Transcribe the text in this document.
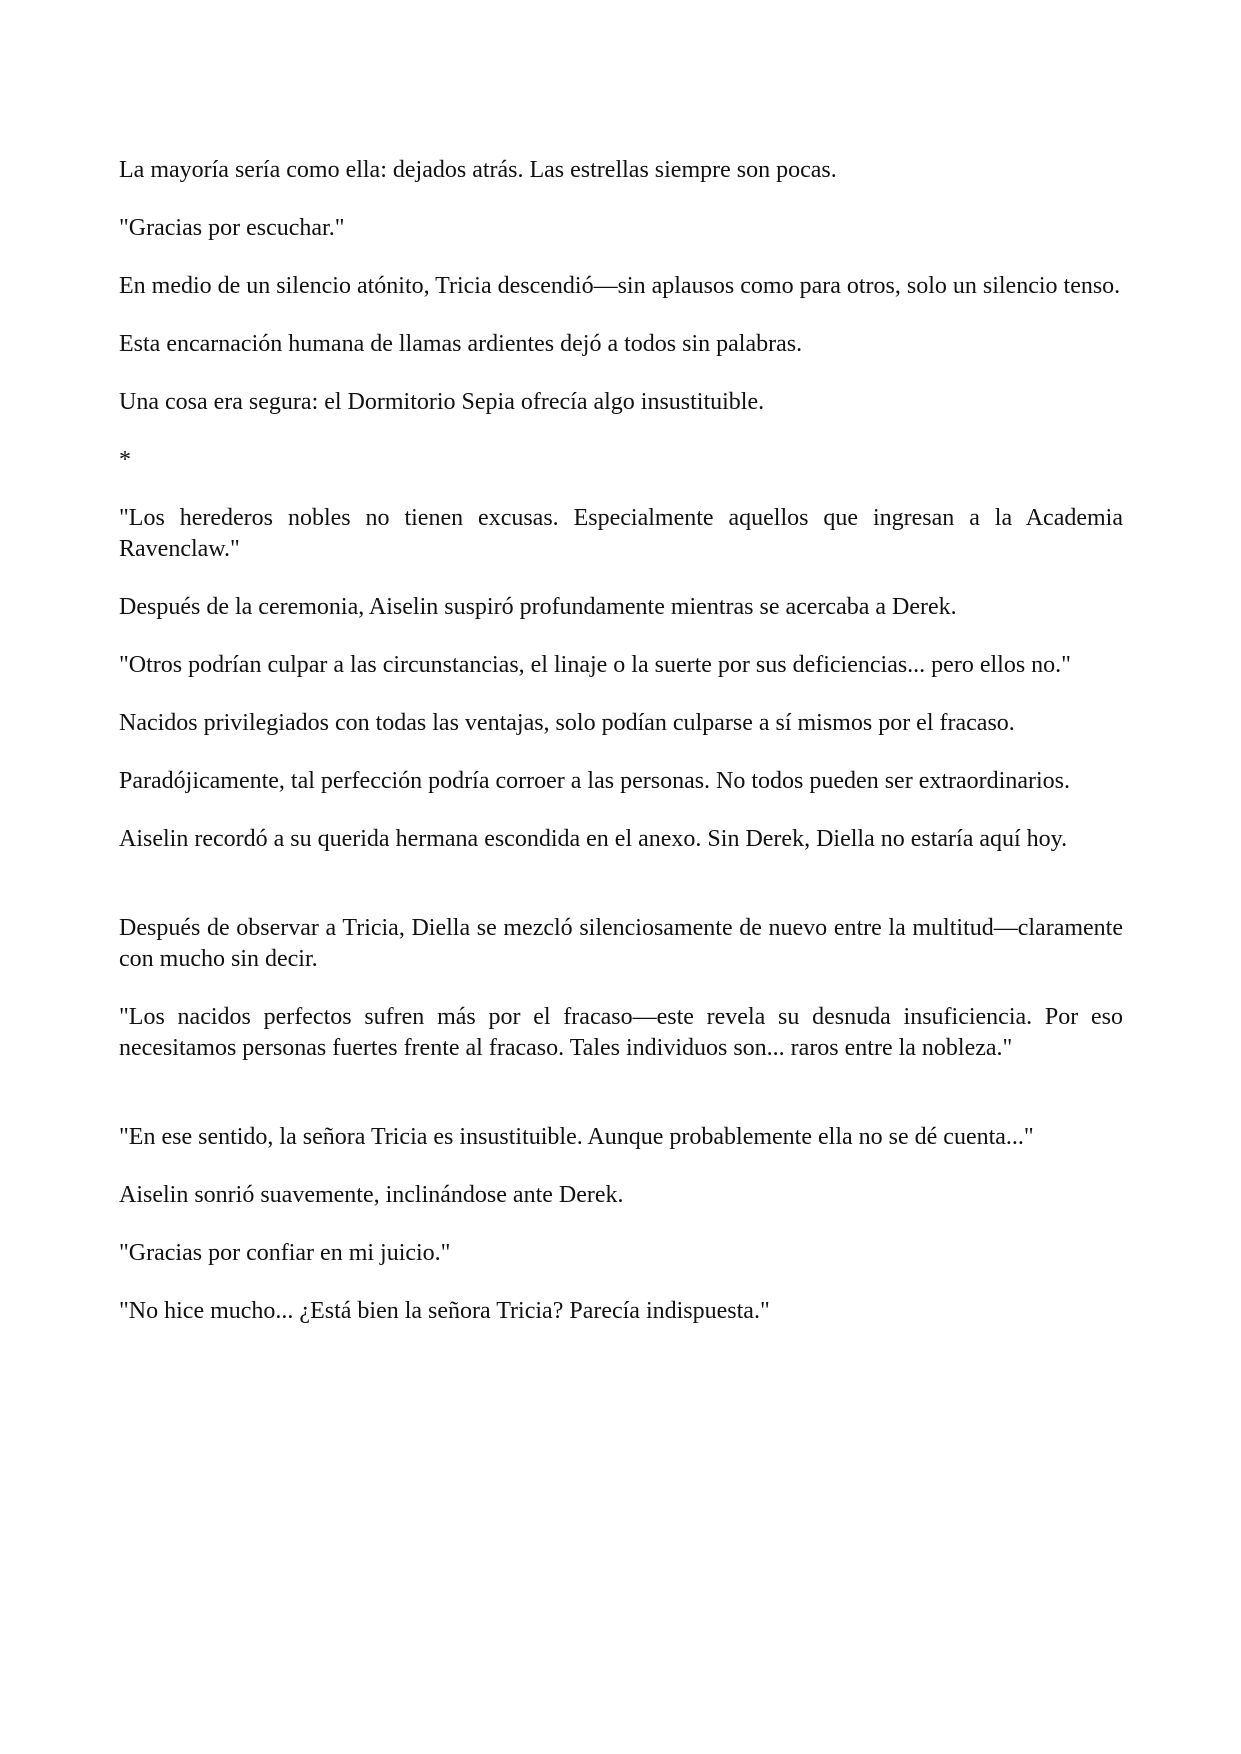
La mayoría sería como ella: dejados atrás. Las estrellas siempre son pocas.

"Gracias por escuchar."

En medio de un silencio atónito, Tricia descendió—sin aplausos como para otros, solo un silencio tenso.

Esta encarnación humana de llamas ardientes dejó a todos sin palabras.

Una cosa era segura: el Dormitorio Sepia ofrecía algo insustituible.

*

"Los herederos nobles no tienen excusas. Especialmente aquellos que ingresan a la Academia Ravenclaw."

Después de la ceremonia, Aiselin suspiró profundamente mientras se acercaba a Derek.

"Otros podrían culpar a las circunstancias, el linaje o la suerte por sus deficiencias... pero ellos no."

Nacidos privilegiados con todas las ventajas, solo podían culparse a sí mismos por el fracaso.

Paradójicamente, tal perfección podría corroer a las personas. No todos pueden ser extraordinarios.

Aiselin recordó a su querida hermana escondida en el anexo. Sin Derek, Diella no estaría aquí hoy.

Después de observar a Tricia, Diella se mezcló silenciosamente de nuevo entre la multitud—claramente con mucho sin decir.

"Los nacidos perfectos sufren más por el fracaso—este revela su desnuda insuficiencia. Por eso necesitamos personas fuertes frente al fracaso. Tales individuos son... raros entre la nobleza."

"En ese sentido, la señora Tricia es insustituible. Aunque probablemente ella no se dé cuenta..."

Aiselin sonrió suavemente, inclinándose ante Derek.

"Gracias por confiar en mi juicio."

"No hice mucho... ¿Está bien la señora Tricia? Parecía indispuesta."
